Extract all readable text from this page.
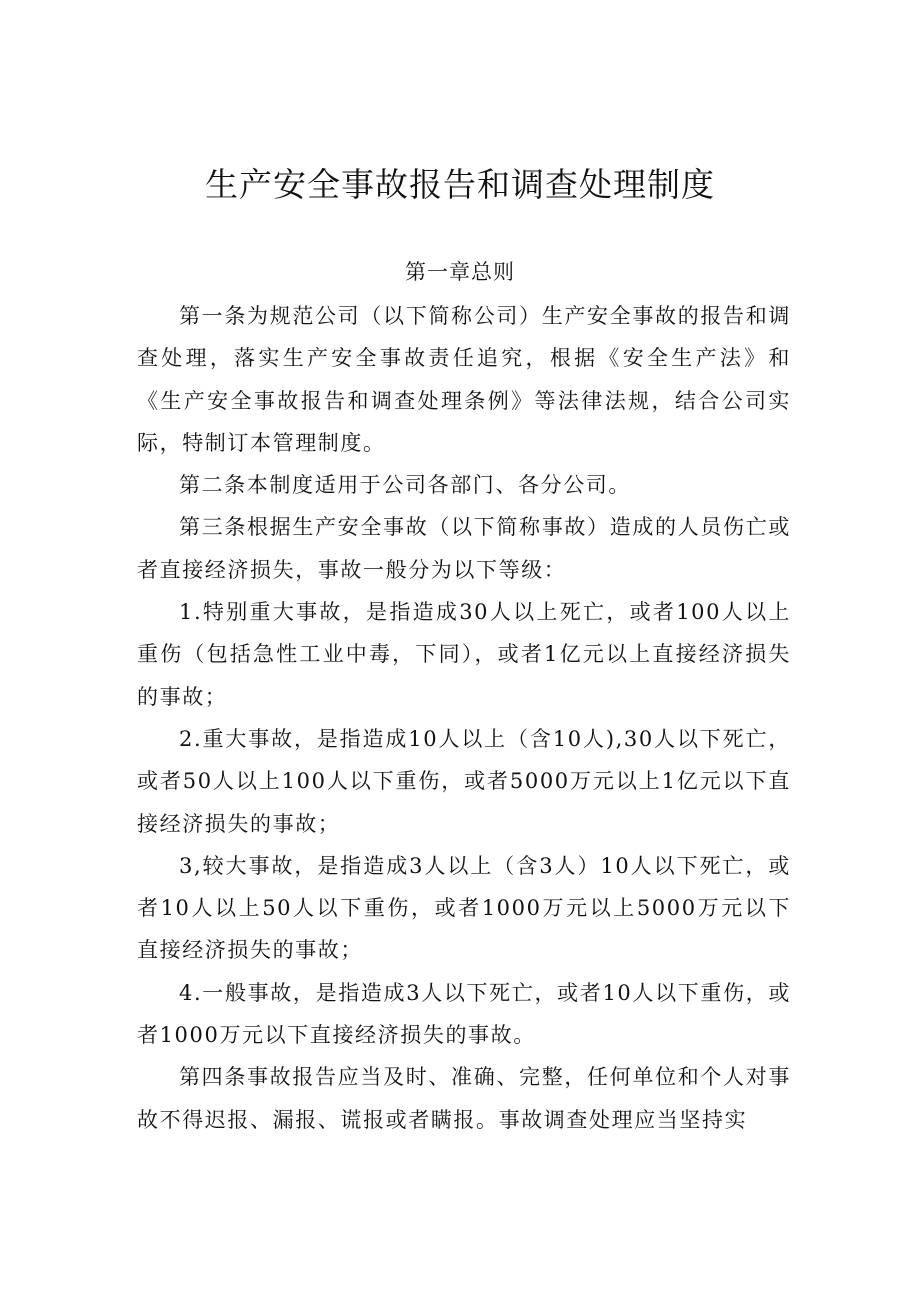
生产安全事故报告和调查处理制度
第一章总则

第一条为规范公司（以下简称公司）生产安全事故的报告和调查处理，落实生产安全事故责任追究，根据《安全生产法》和《生产安全事故报告和调查处理条例》等法律法规，结合公司实际，特制订本管理制度。

第二条本制度适用于公司各部门、各分公司。

第三条根据生产安全事故（以下简称事故）造成的人员伤亡或者直接经济损失，事故一般分为以下等级：

1.特别重大事故，是指造成30人以上死亡，或者100人以上重伤（包括急性工业中毒，下同），或者1亿元以上直接经济损失的事故；

2.重大事故，是指造成10人以上（含10人),30人以下死亡，或者50人以上100人以下重伤，或者5000万元以上1亿元以下直接经济损失的事故；

3,较大事故，是指造成3人以上（含3人）10人以下死亡，或者10人以上50人以下重伤，或者1000万元以上5000万元以下直接经济损失的事故；

4.一般事故，是指造成3人以下死亡，或者10人以下重伤，或者1000万元以下直接经济损失的事故。

第四条事故报告应当及时、准确、完整，任何单位和个人对事故不得迟报、漏报、谎报或者瞒报。事故调查处理应当坚持实
